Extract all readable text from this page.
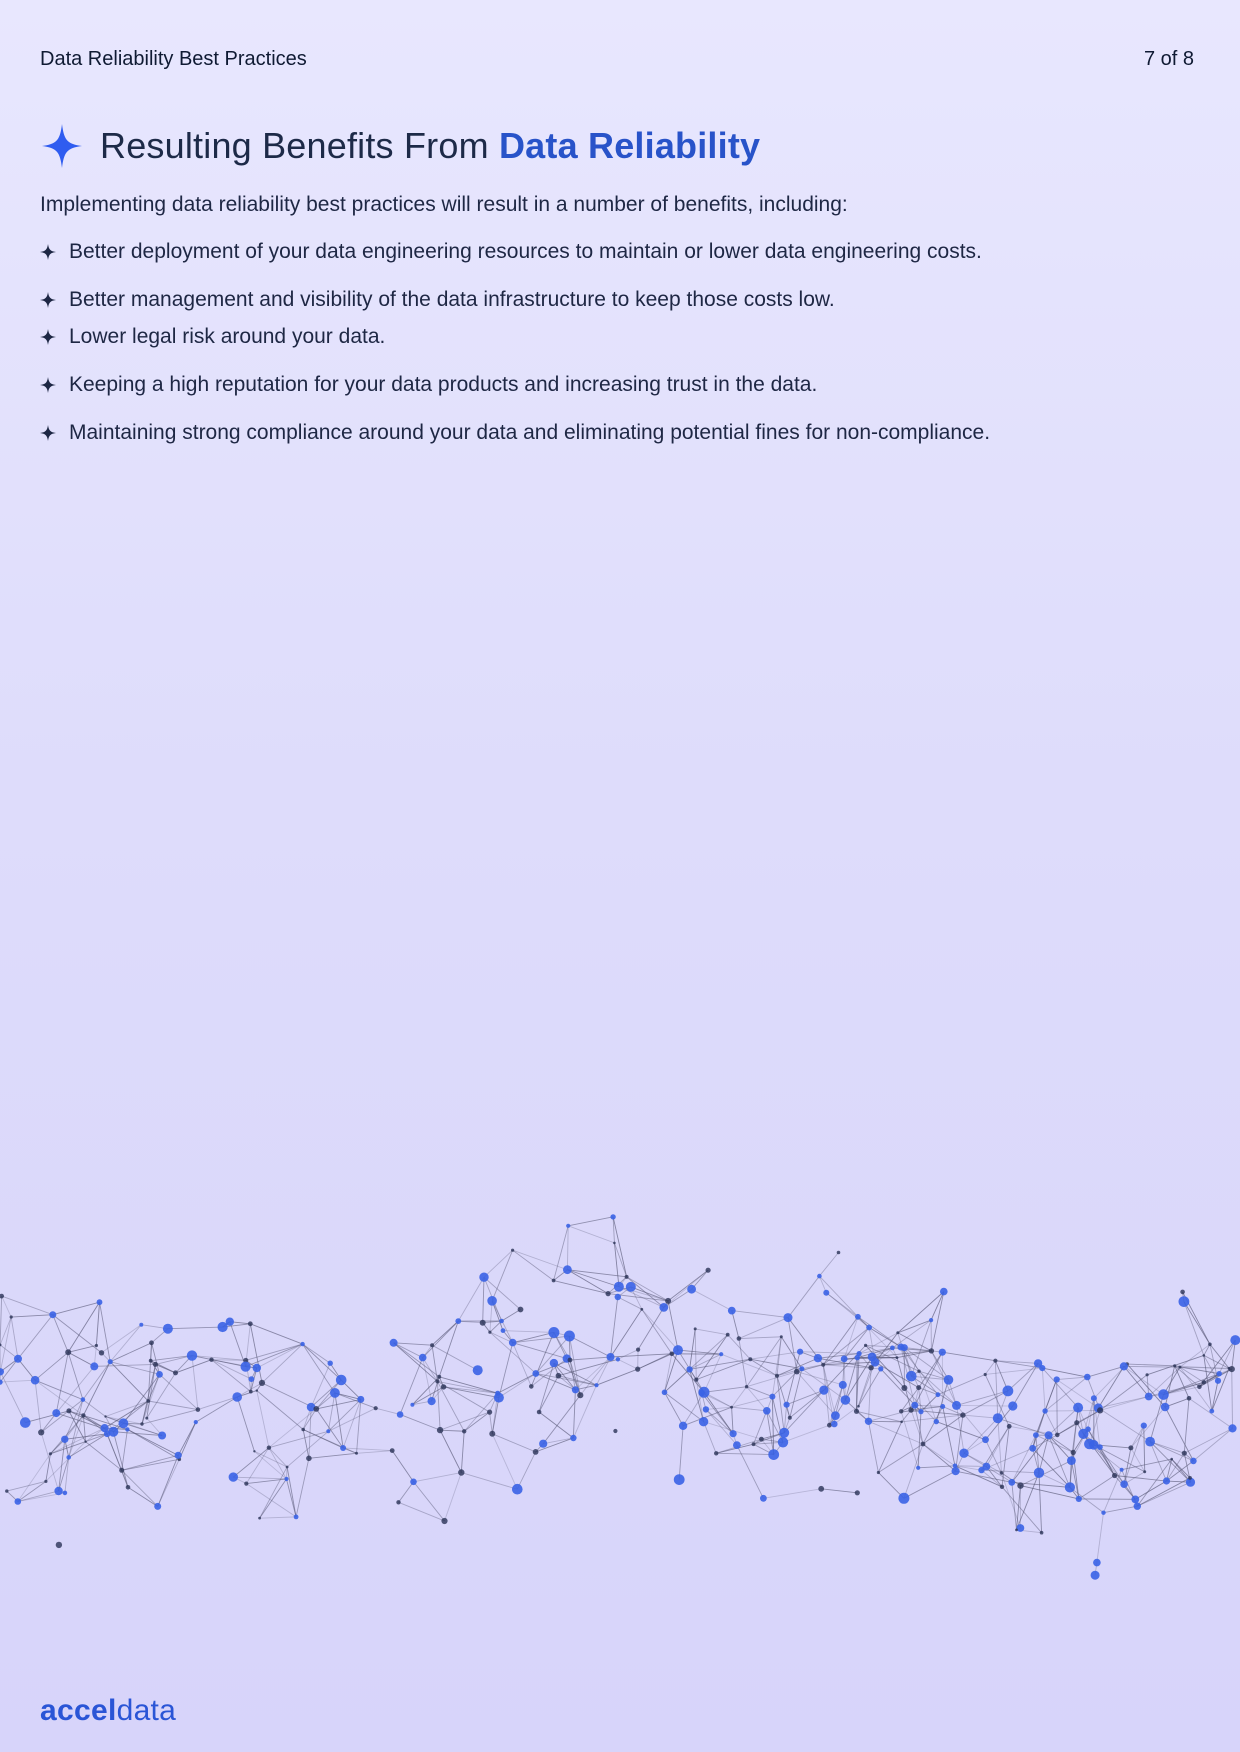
Data Reliability Best Practices	7 of 8
Resulting Benefits From Data Reliability
Implementing data reliability best practices will result in a number of benefits, including:
Better deployment of your data engineering resources to maintain or lower data engineering costs.
Better management and visibility of the data infrastructure to keep those costs low.
Lower legal risk around your data.
Keeping a high reputation for your data products and increasing trust in the data.
Maintaining strong compliance around your data and eliminating potential fines for non-compliance.
acceldata
